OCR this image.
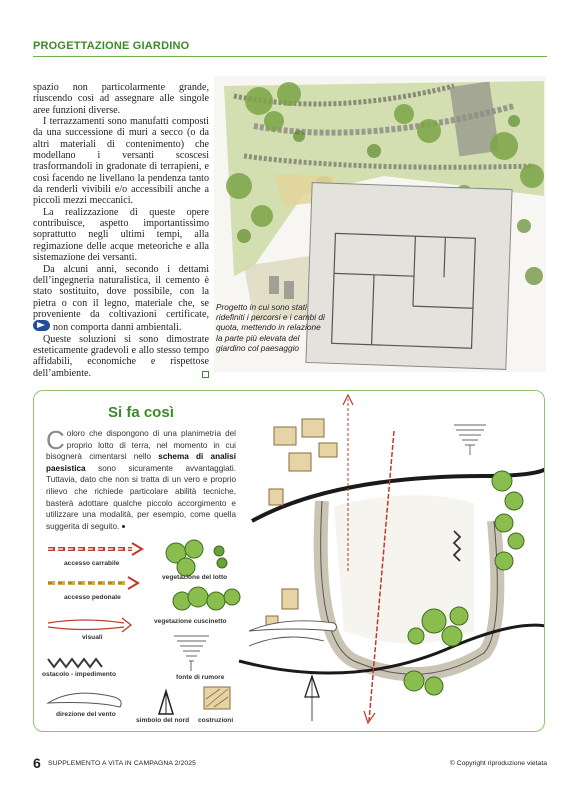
PROGETTAZIONE GIARDINO

spazio non particolarmente grande, riuscendo così ad assegnare alle singole aree funzioni diverse.

I terrazzamenti sono manufatti composti da una successione di muri a secco (o da altri materiali di contenimento) che modellano i versanti scoscesi trasformandoli in gradonate di terrapieni, e così facendo ne livellano la pendenza tanto da renderli vivibili e/o accessibili anche a piccoli mezzi meccanici.

La realizzazione di queste opere contribuisce, aspetto importantissimo soprattutto negli ultimi tempi, alla regimazione delle acque meteoriche e alla sistemazione dei versanti.

Da alcuni anni, secondo i dettami dell’ingegneria naturalistica, il cemento è stato sostituito, dove possibile, con la pietra o con il legno, materiale che, se proveniente da coltivazioni certificate, non comporta danni ambientali.

Queste soluzioni si sono dimostrate esteticamente gradevoli e allo stesso tempo affidabili, economiche e rispettose dell’ambiente.

Progetto in cui sono stati ridefiniti i percorsi e i cambi di quota, mettendo in relazione la parte più elevata del giardino col paesaggio
Si fa così
Coloro che dispongono di una planimetria del proprio lotto di terra, nel momento in cui bisognerà cimentarsi nello schema di analisi paesistica sono sicuramente avvantaggiati. Tuttavia, dato che non si tratta di un vero e proprio rilievo che richiede particolare abilità tecniche, basterà adottare qualche piccolo accorgimento e utilizzare una modalità, per esempio, come quella suggerita di seguito.
accesso carrabile
accesso pedonale
visuali
ostacolo - impedimento
direzione del vento
vegetazione del lotto
vegetazione cuscinetto
fonte di rumore
simbolo del nord costruzioni
6 SUPPLEMENTO A VITA IN CAMPAGNA 2/2025	© Copyright riproduzione vietata
